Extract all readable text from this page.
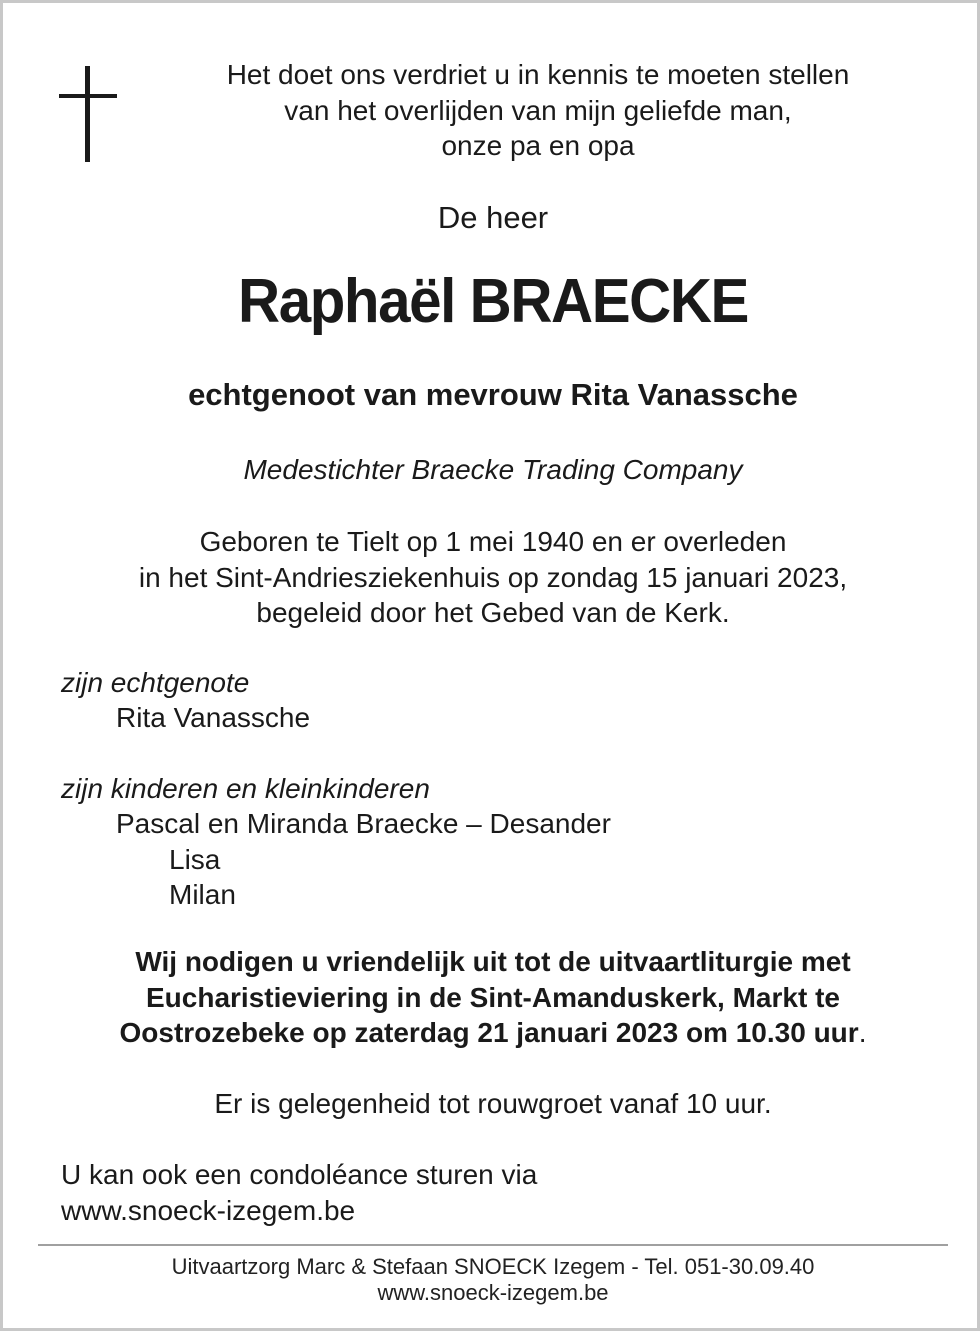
Het doet ons verdriet u in kennis te moeten stellen
van het overlijden van mijn geliefde man,
onze pa en opa
De heer
Raphaël BRAECKE
echtgenoot van mevrouw Rita Vanassche
Medestichter Braecke Trading Company
Geboren te Tielt op 1 mei 1940 en er overleden
in het Sint-Andriesziekenhuis op zondag 15 januari 2023,
begeleid door het Gebed van de Kerk.
zijn echtgenote
Rita Vanassche
zijn kinderen en kleinkinderen
Pascal en Miranda Braecke – Desander
Lisa
Milan
Wij nodigen u vriendelijk uit tot de uitvaartliturgie met
Eucharistieviering in de Sint-Amanduskerk, Markt te
Oostrozebeke op zaterdag 21 januari 2023 om 10.30 uur.
Er is gelegenheid tot rouwgroet vanaf 10 uur.
U kan ook een condoléance sturen via
www.snoeck-izegem.be
Uitvaartzorg Marc & Stefaan SNOECK Izegem - Tel. 051-30.09.40
www.snoeck-izegem.be
